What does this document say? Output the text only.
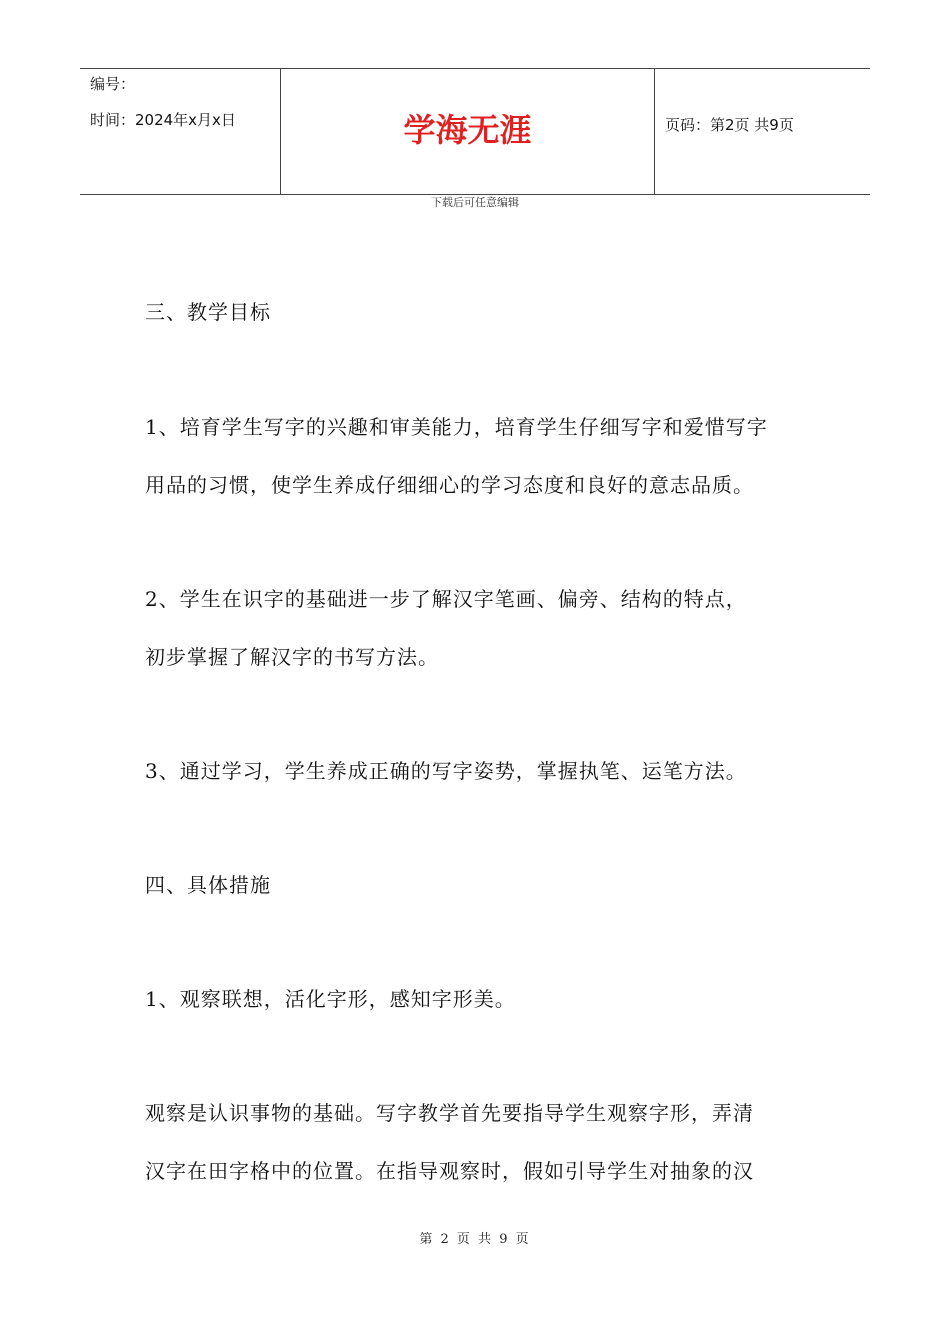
编号：
时间：2024年x月x日	学海无涯	页码：第2页 共9页
下载后可任意编辑
三、教学目标
1、培育学生写字的兴趣和审美能力，培育学生仔细写字和爱惜写字
用品的习惯，使学生养成仔细细心的学习态度和良好的意志品质。
2、学生在识字的基础进一步了解汉字笔画、偏旁、结构的特点，
初步掌握了解汉字的书写方法。
3、通过学习，学生养成正确的写字姿势，掌握执笔、运笔方法。
四、具体措施
1、观察联想，活化字形，感知字形美。
观察是认识事物的基础。写字教学首先要指导学生观察字形，弄清
汉字在田字格中的位置。在指导观察时，假如引导学生对抽象的汉
第 2 页 共 9 页
